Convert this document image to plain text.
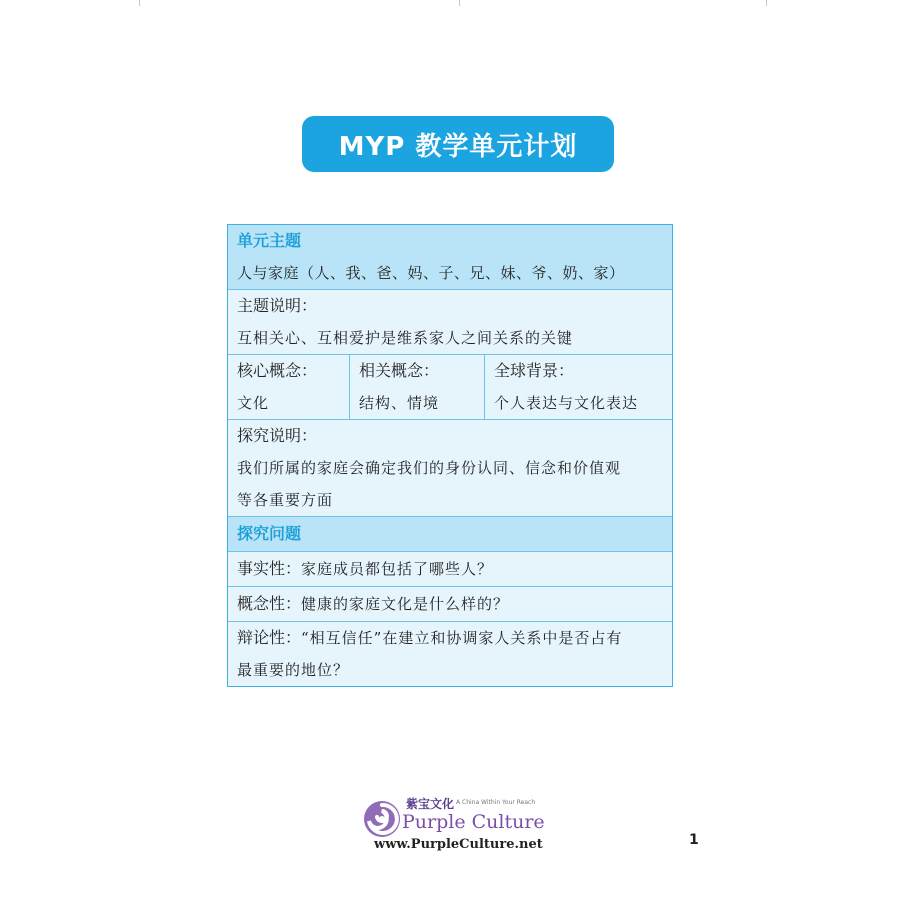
MYP 教学单元计划
单元主题
人与家庭（人、我、爸、妈、子、兄、妹、爷、奶、家）
主题说明：
互相关心、互相爱护是维系家人之间关系的关键
核心概念：
文化
相关概念：
结构、情境
全球背景：
个人表达与文化表达
探究说明：
我们所属的家庭会确定我们的身份认同、信念和价值观
等各重要方面
探究问题
事实性：家庭成员都包括了哪些人？
概念性：健康的家庭文化是什么样的？
辩论性：“相互信任”在建立和协调家人关系中是否占有
最重要的地位？
紫宝文化 A China Within Your Reach
Purple Culture
www.PurpleCulture.net	1
